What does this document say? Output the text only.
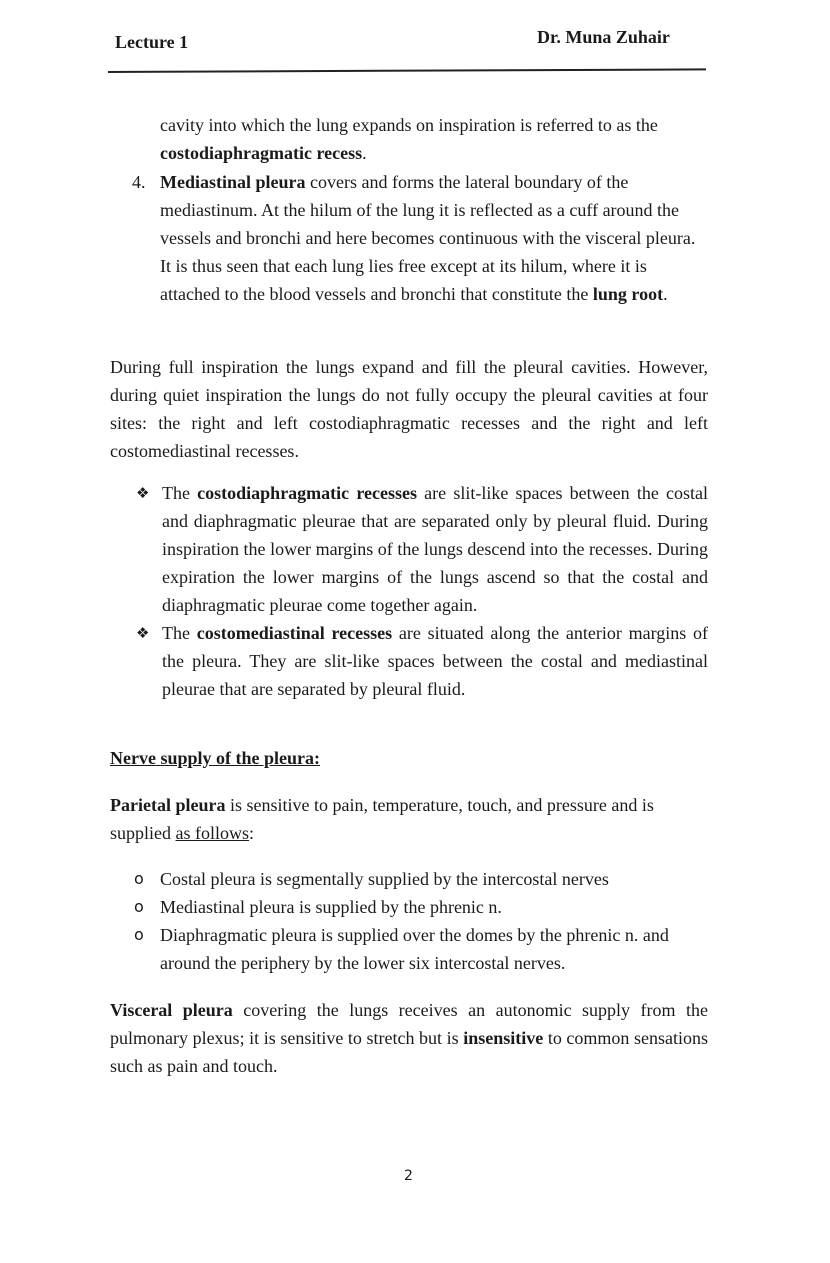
Lecture 1	Dr. Muna Zuhair

cavity into which the lung expands on inspiration is referred to as the costodiaphragmatic recess.

4. Mediastinal pleura covers and forms the lateral boundary of the mediastinum. At the hilum of the lung it is reflected as a cuff around the vessels and bronchi and here becomes continuous with the visceral pleura. It is thus seen that each lung lies free except at its hilum, where it is attached to the blood vessels and bronchi that constitute the lung root.

During full inspiration the lungs expand and fill the pleural cavities. However, during quiet inspiration the lungs do not fully occupy the pleural cavities at four sites: the right and left costodiaphragmatic recesses and the right and left costomediastinal recesses.

❖ The costodiaphragmatic recesses are slit-like spaces between the costal and diaphragmatic pleurae that are separated only by pleural fluid. During inspiration the lower margins of the lungs descend into the recesses. During expiration the lower margins of the lungs ascend so that the costal and diaphragmatic pleurae come together again.

❖ The costomediastinal recesses are situated along the anterior margins of the pleura. They are slit-like spaces between the costal and mediastinal pleurae that are separated by pleural fluid.

Nerve supply of the pleura:

Parietal pleura is sensitive to pain, temperature, touch, and pressure and is supplied as follows:

o Costal pleura is segmentally supplied by the intercostal nerves

o Mediastinal pleura is supplied by the phrenic n.

o Diaphragmatic pleura is supplied over the domes by the phrenic n. and around the periphery by the lower six intercostal nerves.

Visceral pleura covering the lungs receives an autonomic supply from the pulmonary plexus; it is sensitive to stretch but is insensitive to common sensations such as pain and touch.

2
